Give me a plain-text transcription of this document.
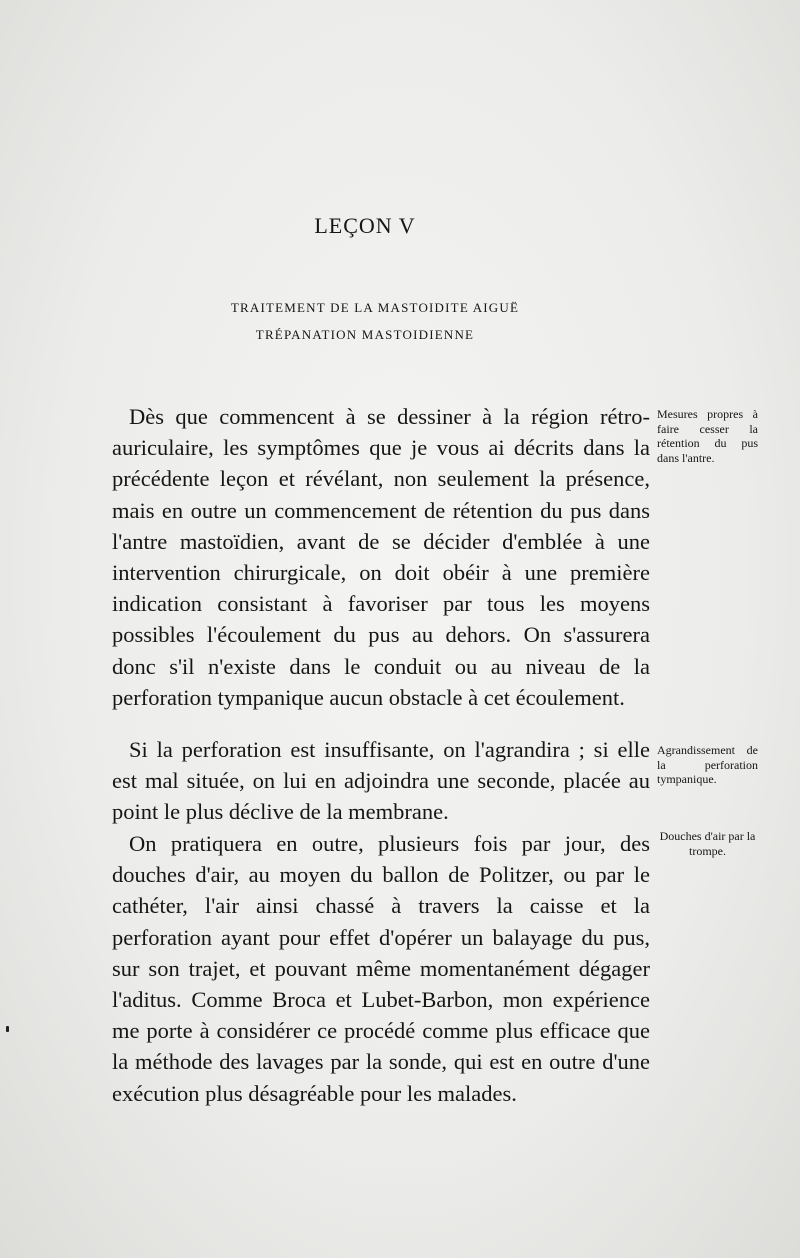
LEÇON V
TRAITEMENT DE LA MASTOIDITE AIGUË
TRÉPANATION MASTOIDIENNE

Dès que commencent à se dessiner à la région rétro-auriculaire, les symptômes que je vous ai décrits dans la précédente leçon et révélant, non seulement la présence, mais en outre un commencement de rétention du pus dans l'antre mastoïdien, avant de se décider d'emblée à une intervention chirurgicale, on doit obéir à une première indication consistant à favoriser par tous les moyens possibles l'écoulement du pus au dehors. On s'assurera donc s'il n'existe dans le conduit ou au niveau de la perforation tympanique aucun obstacle à cet écoulement.

Si la perforation est insuffisante, on l'agrandira ; si elle est mal située, on lui en adjoindra une seconde, placée au point le plus déclive de la membrane.

On pratiquera en outre, plusieurs fois par jour, des douches d'air, au moyen du ballon de Politzer, ou par le cathéter, l'air ainsi chassé à travers la caisse et la perforation ayant pour effet d'opérer un balayage du pus, sur son trajet, et pouvant même momentanément dégager l'aditus. Comme Broca et Lubet-Barbon, mon expérience me porte à considérer ce procédé comme plus efficace que la méthode des lavages par la sonde, qui est en outre d'une exécution plus désagréable pour les malades.

Mesures propres à faire cesser la rétention du pus dans l'antre.

Agrandissement de la perforation tympanique.

Douches d'air par la trompe.
